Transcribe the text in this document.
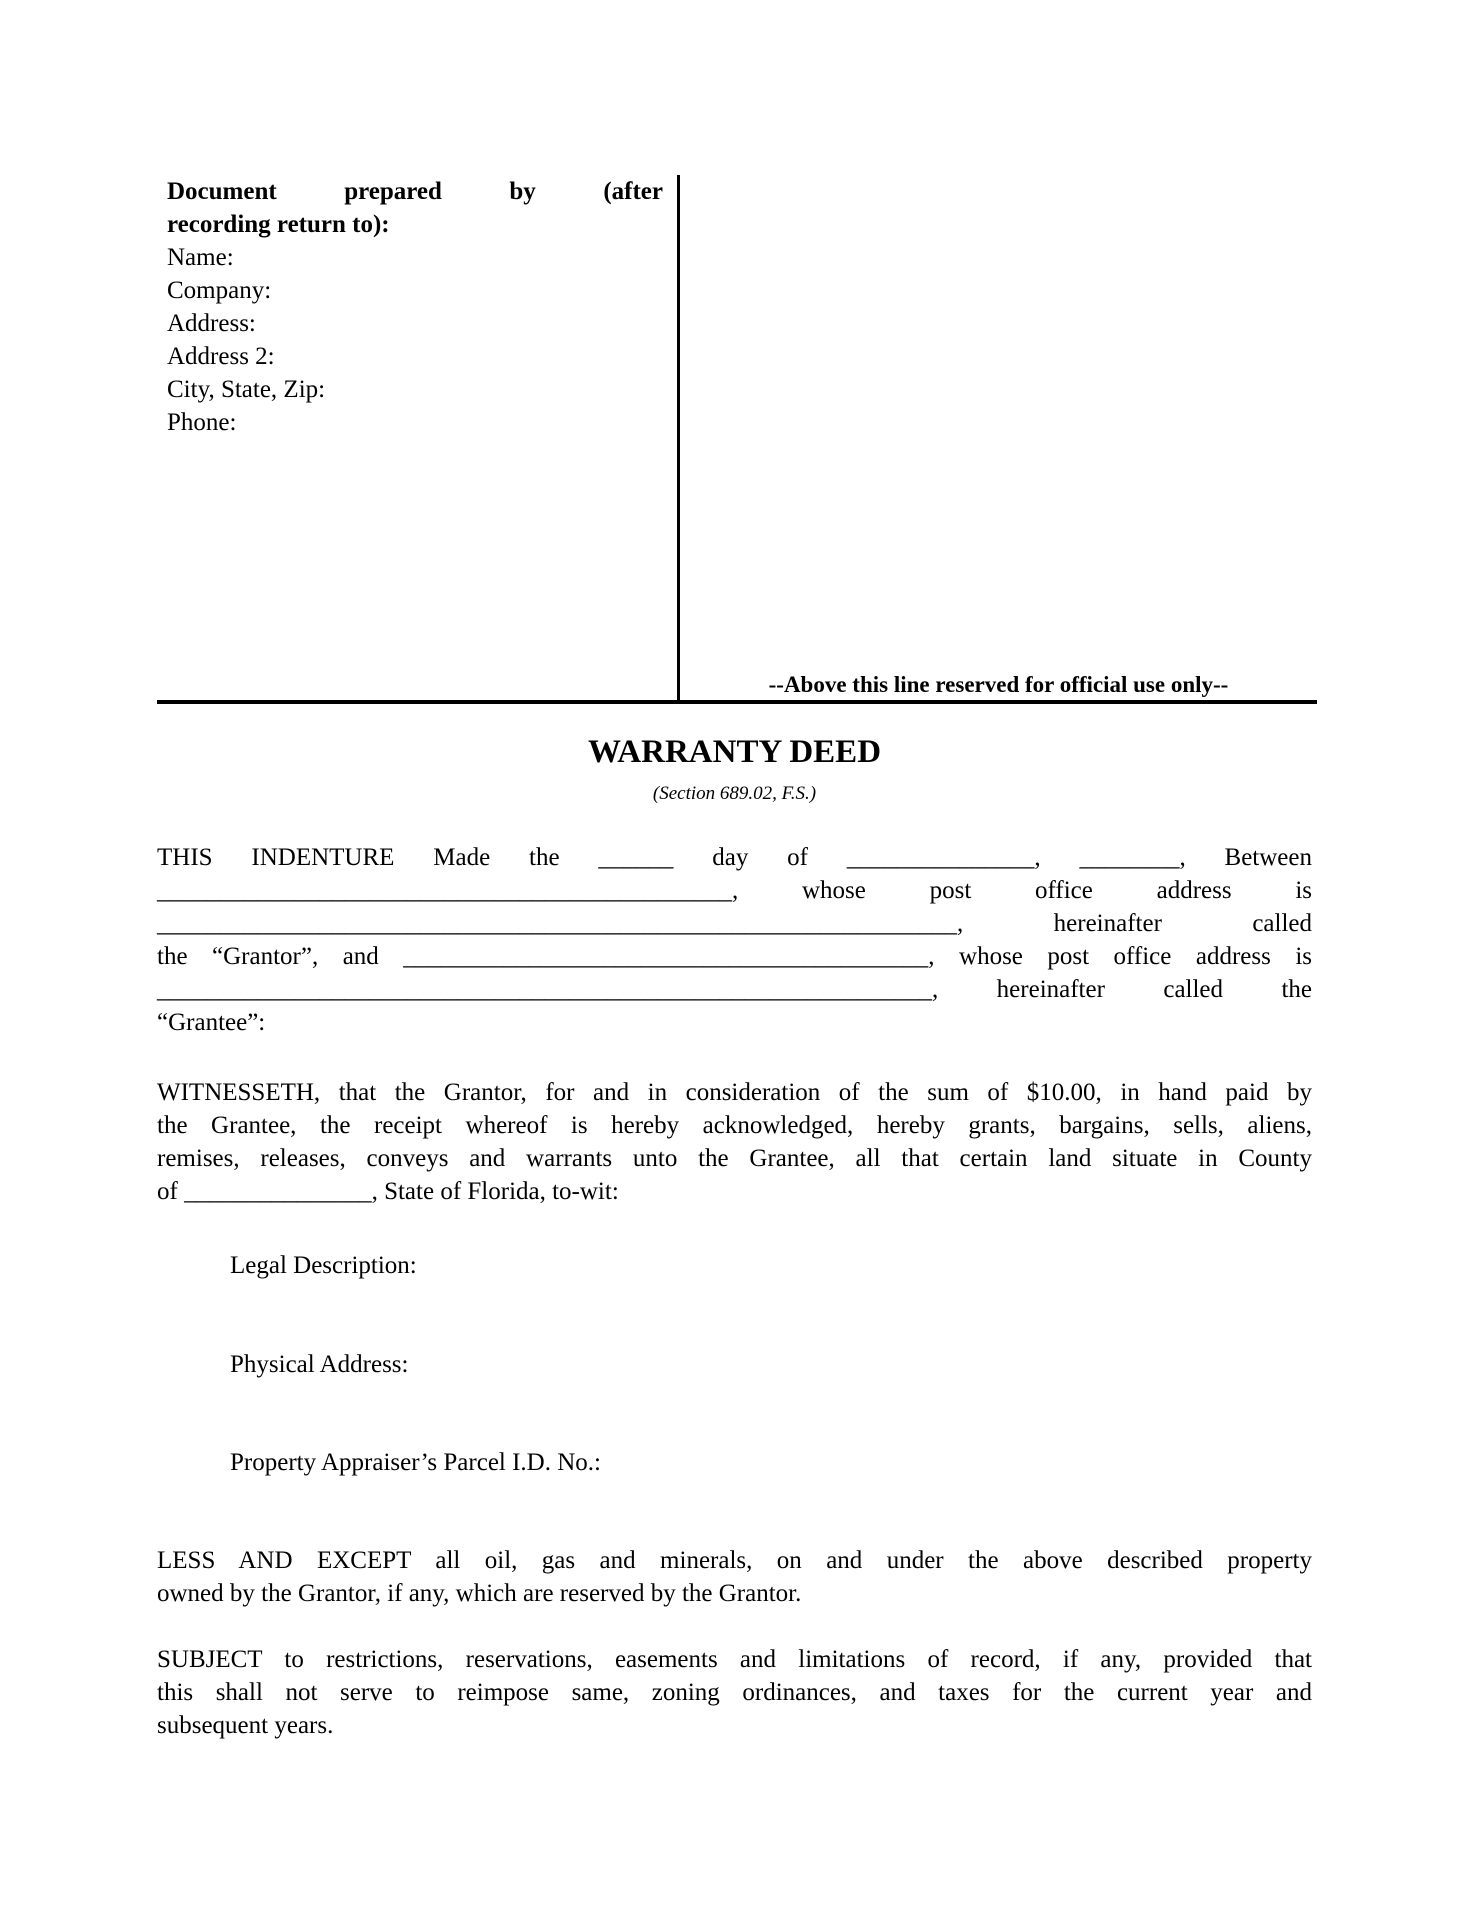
Document prepared by (after
recording return to):
Name:
Company:
Address:
Address 2:
City, State, Zip:
Phone:
--Above this line reserved for official use only--
WARRANTY DEED
(Section 689.02, F.S.)
THIS INDENTURE Made the ______ day of _______________, ________, Between
______________________________________________, whose post office address is
________________________________________________________________, hereinafter called
the “Grantor”, and __________________________________________, whose post office address is
______________________________________________________________, hereinafter called the
“Grantee”:
WITNESSETH, that the Grantor, for and in consideration of the sum of $10.00, in hand paid by
the Grantee, the receipt whereof is hereby acknowledged, hereby grants, bargains, sells, aliens,
remises, releases, conveys and warrants unto the Grantee, all that certain land situate in County
of _______________, State of Florida, to-wit:
Legal Description:
Physical Address:
Property Appraiser’s Parcel I.D. No.:
LESS AND EXCEPT all oil, gas and minerals, on and under the above described property
owned by the Grantor, if any, which are reserved by the Grantor.
SUBJECT to restrictions, reservations, easements and limitations of record, if any, provided that
this shall not serve to reimpose same, zoning ordinances, and taxes for the current year and
subsequent years.
